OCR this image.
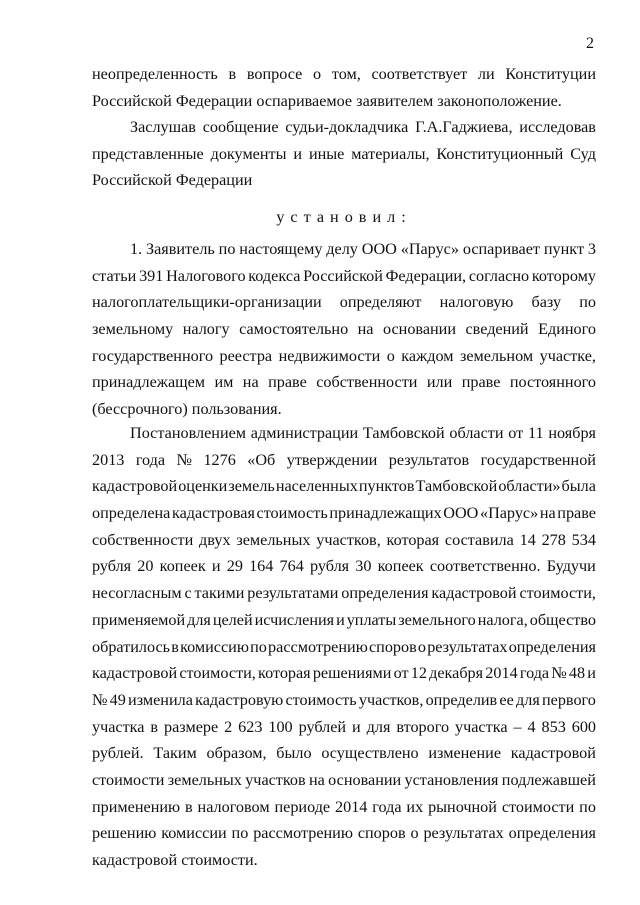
2
установил:
неопределенность в вопросе о том, соответствует ли Конституции
Российской Федерации оспариваемое заявителем законоположение.
Заслушав сообщение судьи-докладчика Г.А.Гаджиева, исследовав
представленные документы и иные материалы, Конституционный Суд
Российской Федерации
1. Заявитель по настоящему делу ООО «Парус» оспаривает пункт 3
статьи 391 Налогового кодекса Российской Федерации, согласно которому
налогоплательщики-организации определяют налоговую базу по
земельному налогу самостоятельно на основании сведений Единого
государственного реестра недвижимости о каждом земельном участке,
принадлежащем им на праве собственности или праве постоянного
(бессрочного) пользования.
Постановлением администрации Тамбовской области от 11 ноября
2013 года № 1276 «Об утверждении результатов государственной
кадастровой оценки земель населенных пунктов Тамбовской области» была
определена кадастровая стоимость принадлежащих ООО «Парус» на праве
собственности двух земельных участков, которая составила 14 278 534
рубля 20 копеек и 29 164 764 рубля 30 копеек соответственно. Будучи
несогласным с такими результатами определения кадастровой стоимости,
применяемой для целей исчисления и уплаты земельного налога, общество
обратилось в комиссию по рассмотрению споров о результатах определения
кадастровой стоимости, которая решениями от 12 декабря 2014 года № 48 и
№ 49 изменила кадастровую стоимость участков, определив ее для первого
участка в размере 2 623 100 рублей и для второго участка – 4 853 600
рублей. Таким образом, было осуществлено изменение кадастровой
стоимости земельных участков на основании установления подлежавшей
применению в налоговом периоде 2014 года их рыночной стоимости по
решению комиссии по рассмотрению споров о результатах определения
кадастровой стоимости.
